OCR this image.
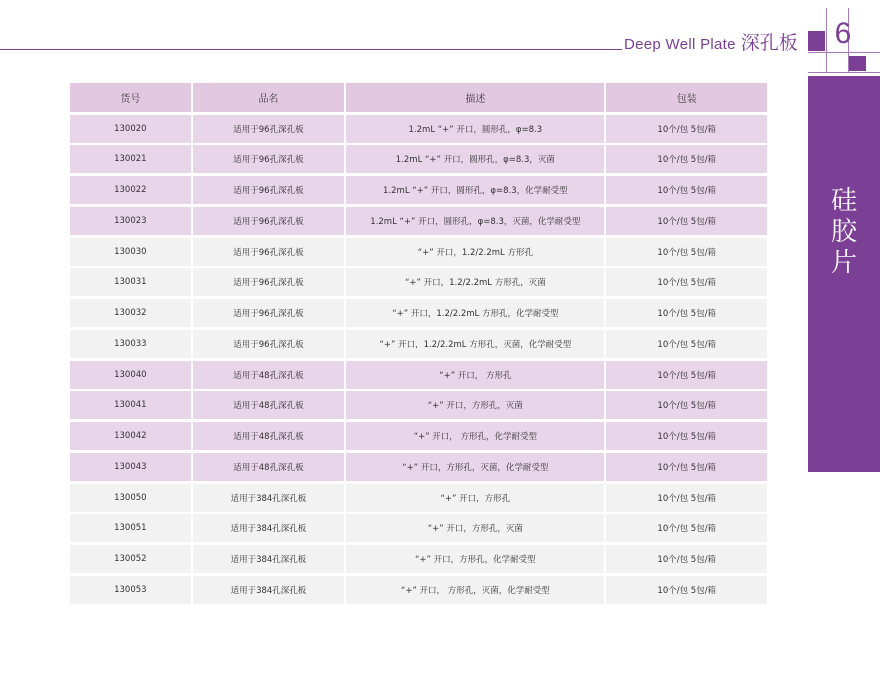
Deep Well Plate 深孔板 6
硅
胶
片
货号	品名	描述	包装
130020	适用于96孔深孔板	1.2mL “+” 开口，圆形孔，φ=8.3	10个/包 5包/箱
130021	适用于96孔深孔板	1.2mL “+” 开口，圆形孔，φ=8.3，灭菌	10个/包 5包/箱
130022	适用于96孔深孔板	1.2mL “+” 开口，圆形孔，φ=8.3，化学耐受型	10个/包 5包/箱
130023	适用于96孔深孔板	1.2mL “+” 开口，圆形孔，φ=8.3，灭菌，化学耐受型	10个/包 5包/箱
130030	适用于96孔深孔板	“+” 开口，1.2/2.2mL 方形孔	10个/包 5包/箱
130031	适用于96孔深孔板	“+” 开口，1.2/2.2mL 方形孔，灭菌	10个/包 5包/箱
130032	适用于96孔深孔板	“+” 开口，1.2/2.2mL 方形孔，化学耐受型	10个/包 5包/箱
130033	适用于96孔深孔板	“+” 开口，1.2/2.2mL 方形孔，灭菌，化学耐受型	10个/包 5包/箱
130040	适用于48孔深孔板	“+” 开口， 方形孔	10个/包 5包/箱
130041	适用于48孔深孔板	“+” 开口，方形孔，灭菌	10个/包 5包/箱
130042	适用于48孔深孔板	“+” 开口， 方形孔，化学耐受型	10个/包 5包/箱
130043	适用于48孔深孔板	“+” 开口，方形孔，灭菌，化学耐受型	10个/包 5包/箱
130050	适用于384孔深孔板	“+” 开口，方形孔	10个/包 5包/箱
130051	适用于384孔深孔板	“+” 开口，方形孔，灭菌	10个/包 5包/箱
130052	适用于384孔深孔板	“+” 开口，方形孔，化学耐受型	10个/包 5包/箱
130053	适用于384孔深孔板	“+” 开口， 方形孔，灭菌，化学耐受型	10个/包 5包/箱
